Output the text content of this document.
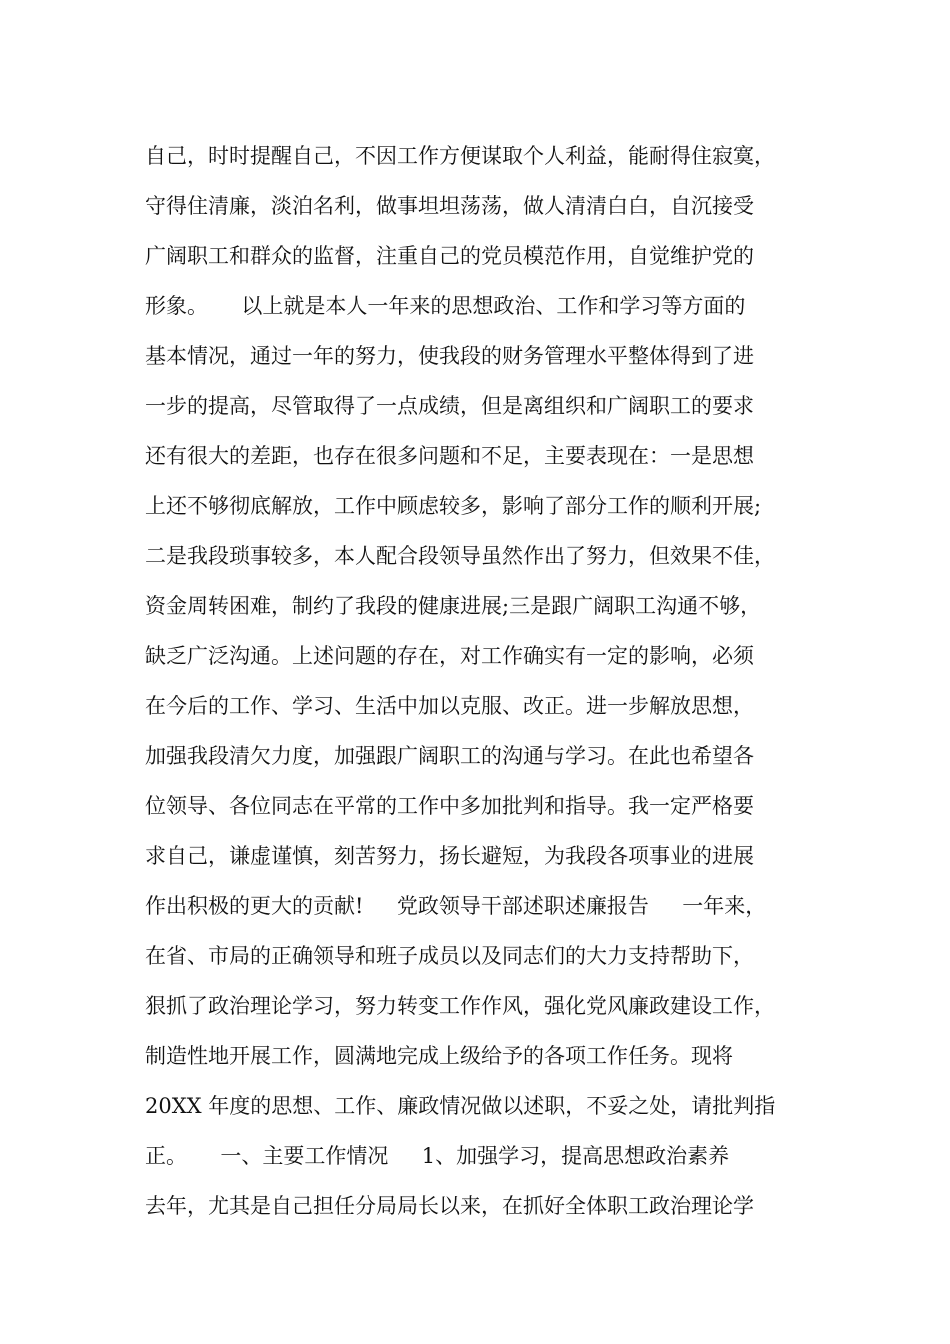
自己，时时提醒自己，不因工作方便谋取个人利益，能耐得住寂寞，
守得住清廉，淡泊名利，做事坦坦荡荡，做人清清白白，自沉接受
广阔职工和群众的监督，注重自己的党员模范作用，自觉维护党的
形象。     以上就是本人一年来的思想政治、工作和学习等方面的
基本情况，通过一年的努力，使我段的财务管理水平整体得到了进
一步的提高，尽管取得了一点成绩，但是离组织和广阔职工的要求
还有很大的差距，也存在很多问题和不足，主要表现在：一是思想
上还不够彻底解放，工作中顾虑较多，影响了部分工作的顺利开展;
二是我段琐事较多，本人配合段领导虽然作出了努力，但效果不佳，
资金周转困难，制约了我段的健康进展;三是跟广阔职工沟通不够，
缺乏广泛沟通。上述问题的存在，对工作确实有一定的影响，必须
在今后的工作、学习、生活中加以克服、改正。进一步解放思想，
加强我段清欠力度，加强跟广阔职工的沟通与学习。在此也希望各
位领导、各位同志在平常的工作中多加批判和指导。我一定严格要
求自己，谦虚谨慎，刻苦努力，扬长避短，为我段各项事业的进展
作出积极的更大的贡献!     党政领导干部述职述廉报告     一年来，
在省、市局的正确领导和班子成员以及同志们的大力支持帮助下，
狠抓了政治理论学习，努力转变工作作风，强化党风廉政建设工作，
制造性地开展工作，圆满地完成上级给予的各项工作任务。现将
20XX 年度的思想、工作、廉政情况做以述职，不妥之处，请批判指
正。     一、主要工作情况     1、加强学习，提高思想政治素养
去年，尤其是自己担任分局局长以来，在抓好全体职工政治理论学
